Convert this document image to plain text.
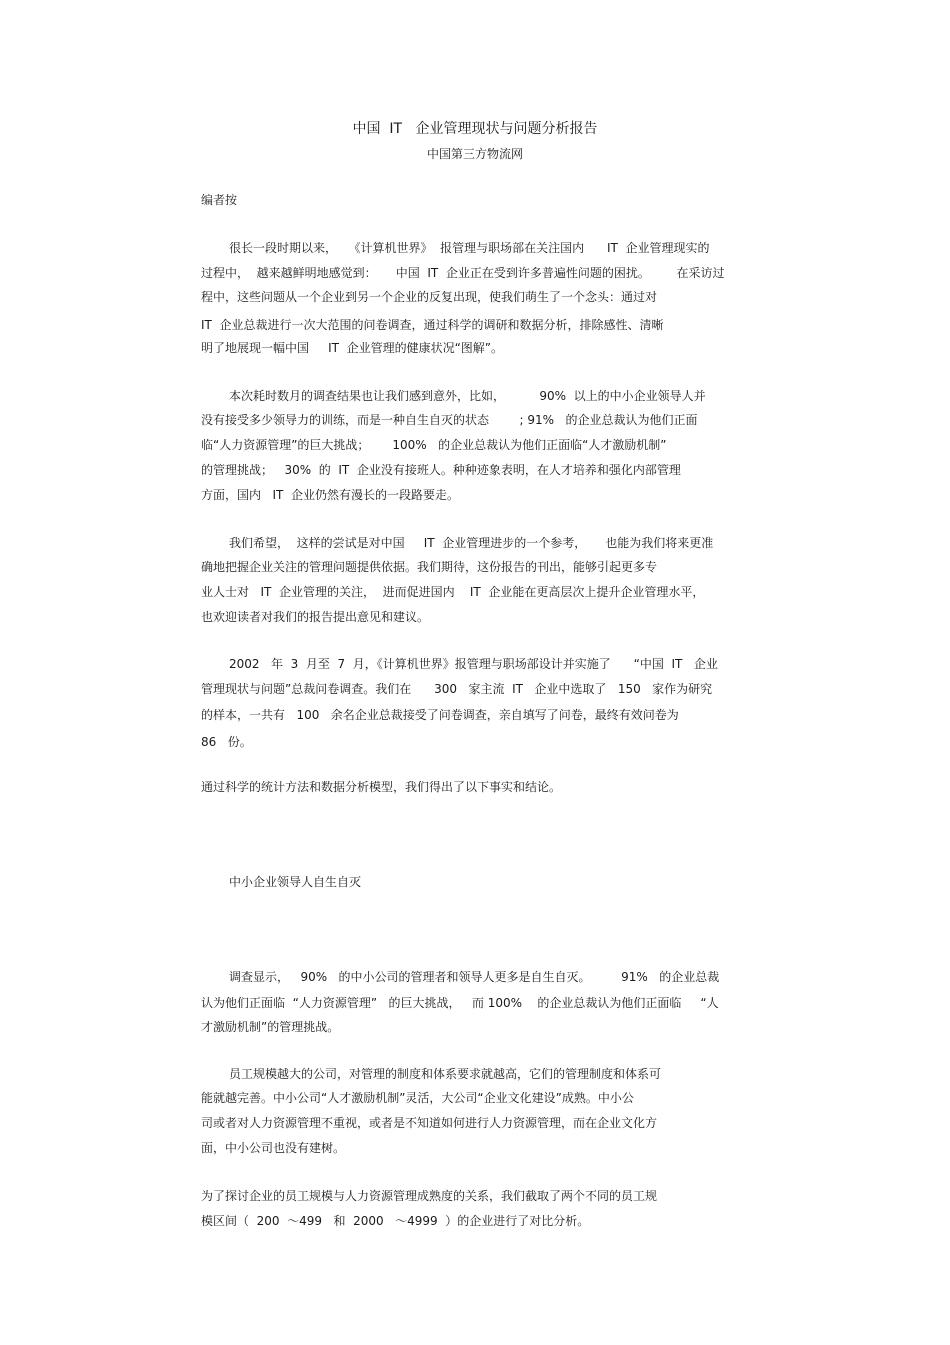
中国  IT   企业管理现状与问题分析报告
中国第三方物流网
编者按
很长一段时期以来，   《计算机世界》  报管理与职场部在关注国内      IT  企业管理现实的
过程中，  越来越鲜明地感觉到：     中国  IT  企业正在受到许多普遍性问题的困扰。       在采访过
程中，这些问题从一个企业到另一个企业的反复出现，使我们萌生了一个念头：通过对
IT  企业总裁进行一次大范围的问卷调查，通过科学的调研和数据分析，排除感性、清晰
明了地展现一幅中国     IT  企业管理的健康状况“图解”。
本次耗时数月的调查结果也让我们感到意外，比如，         90%  以上的中小企业领导人并
没有接受多少领导力的训练，而是一种自生自灭的状态        ; 91%   的企业总裁认为他们正面
临“人力资源管理”的巨大挑战；      100%   的企业总裁认为他们正面临“人才激励机制”
的管理挑战；   30%  的  IT  企业没有接班人。种种迹象表明，在人才培养和强化内部管理
方面，国内   IT  企业仍然有漫长的一段路要走。
我们希望，  这样的尝试是对中国     IT  企业管理进步的一个参考，     也能为我们将来更准
确地把握企业关注的管理问题提供依据。我们期待，这份报告的刊出，能够引起更多专
业人士对   IT  企业管理的关注，  进而促进国内    IT  企业能在更高层次上提升企业管理水平，
也欢迎读者对我们的报告提出意见和建议。
2002   年  3  月至  7  月，《计算机世界》报管理与职场部设计并实施了      “中国  IT   企业
管理现状与问题”总裁问卷调查。我们在      300   家主流  IT   企业中选取了   150   家作为研究
的样本，一共有   100   余名企业总裁接受了问卷调查，亲自填写了问卷，最终有效问卷为
86   份。
通过科学的统计方法和数据分析模型，我们得出了以下事实和结论。
中小企业领导人自生自灭
调查显示，   90%   的中小公司的管理者和领导人更多是自生自灭。        91%   的企业总裁
认为他们正面临  “人力资源管理”   的巨大挑战，   而 100%    的企业总裁认为他们正面临     “人
才激励机制”的管理挑战。
员工规模越大的公司，对管理的制度和体系要求就越高，它们的管理制度和体系可
能就越完善。中小公司“人才激励机制”灵活，大公司“企业文化建设”成熟。中小公
司或者对人力资源管理不重视，或者是不知道如何进行人力资源管理，而在企业文化方
面，中小公司也没有建树。
为了探讨企业的员工规模与人力资源管理成熟度的关系，我们截取了两个不同的员工规
模区间（  200  ～499   和  2000   ～4999  ）的企业进行了对比分析。
